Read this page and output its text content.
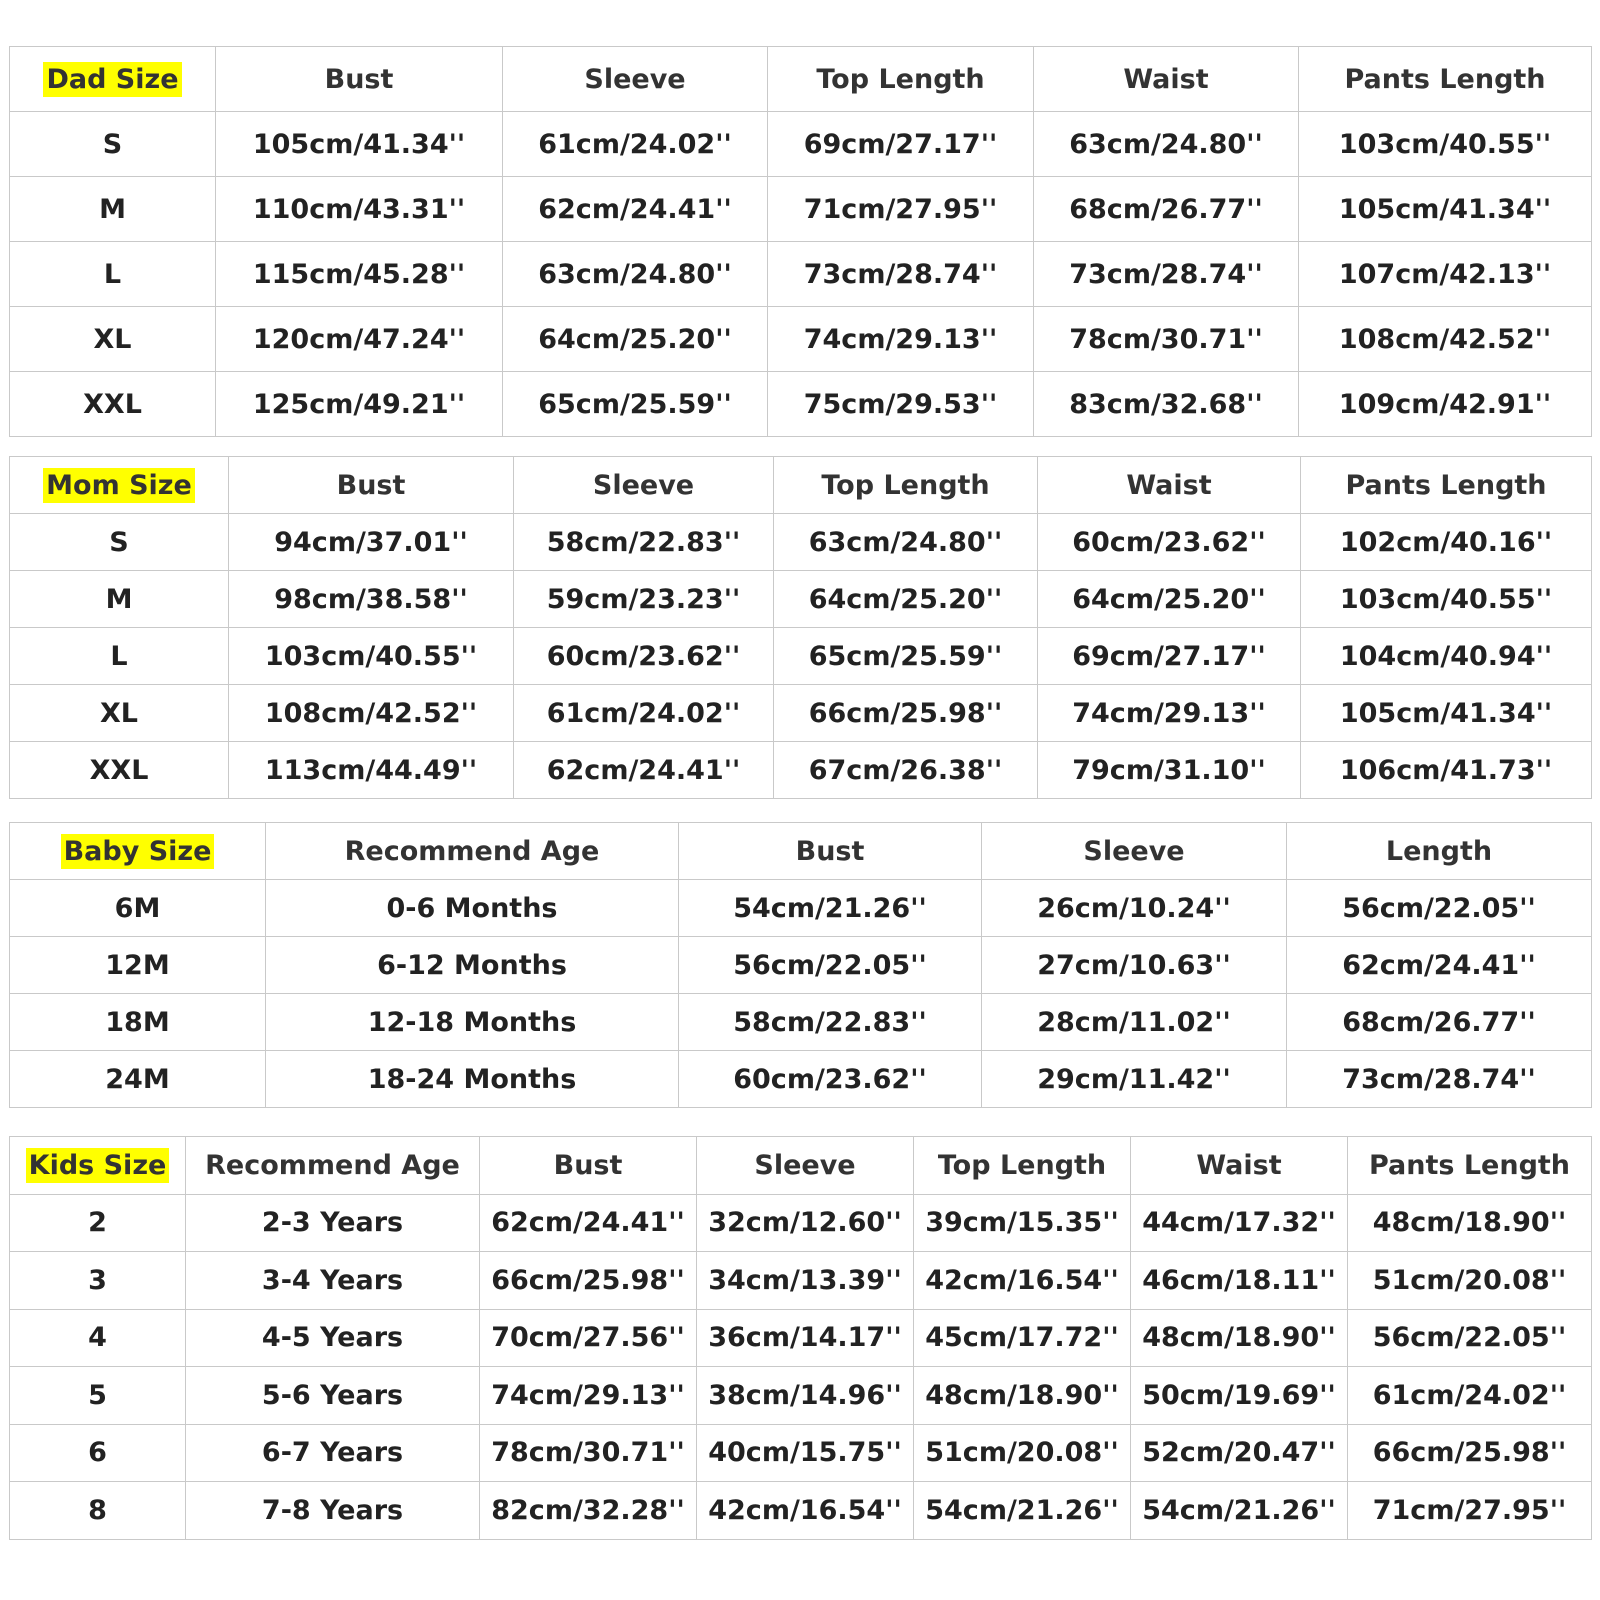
Dad Size	Bust	Sleeve	Top Length	Waist	Pants Length
S	105cm/41.34''	61cm/24.02''	69cm/27.17''	63cm/24.80''	103cm/40.55''
M	110cm/43.31''	62cm/24.41''	71cm/27.95''	68cm/26.77''	105cm/41.34''
L	115cm/45.28''	63cm/24.80''	73cm/28.74''	73cm/28.74''	107cm/42.13''
XL	120cm/47.24''	64cm/25.20''	74cm/29.13''	78cm/30.71''	108cm/42.52''
XXL	125cm/49.21''	65cm/25.59''	75cm/29.53''	83cm/32.68''	109cm/42.91''
Mom Size	Bust	Sleeve	Top Length	Waist	Pants Length
S	94cm/37.01''	58cm/22.83''	63cm/24.80''	60cm/23.62''	102cm/40.16''
M	98cm/38.58''	59cm/23.23''	64cm/25.20''	64cm/25.20''	103cm/40.55''
L	103cm/40.55''	60cm/23.62''	65cm/25.59''	69cm/27.17''	104cm/40.94''
XL	108cm/42.52''	61cm/24.02''	66cm/25.98''	74cm/29.13''	105cm/41.34''
XXL	113cm/44.49''	62cm/24.41''	67cm/26.38''	79cm/31.10''	106cm/41.73''
Baby Size	Recommend Age	Bust	Sleeve	Length
6M	0-6 Months	54cm/21.26''	26cm/10.24''	56cm/22.05''
12M	6-12 Months	56cm/22.05''	27cm/10.63''	62cm/24.41''
18M	12-18 Months	58cm/22.83''	28cm/11.02''	68cm/26.77''
24M	18-24 Months	60cm/23.62''	29cm/11.42''	73cm/28.74''
Kids Size	Recommend Age	Bust	Sleeve	Top Length	Waist	Pants Length
2	2-3 Years	62cm/24.41''	32cm/12.60''	39cm/15.35''	44cm/17.32''	48cm/18.90''
3	3-4 Years	66cm/25.98''	34cm/13.39''	42cm/16.54''	46cm/18.11''	51cm/20.08''
4	4-5 Years	70cm/27.56''	36cm/14.17''	45cm/17.72''	48cm/18.90''	56cm/22.05''
5	5-6 Years	74cm/29.13''	38cm/14.96''	48cm/18.90''	50cm/19.69''	61cm/24.02''
6	6-7 Years	78cm/30.71''	40cm/15.75''	51cm/20.08''	52cm/20.47''	66cm/25.98''
8	7-8 Years	82cm/32.28''	42cm/16.54''	54cm/21.26''	54cm/21.26''	71cm/27.95''
